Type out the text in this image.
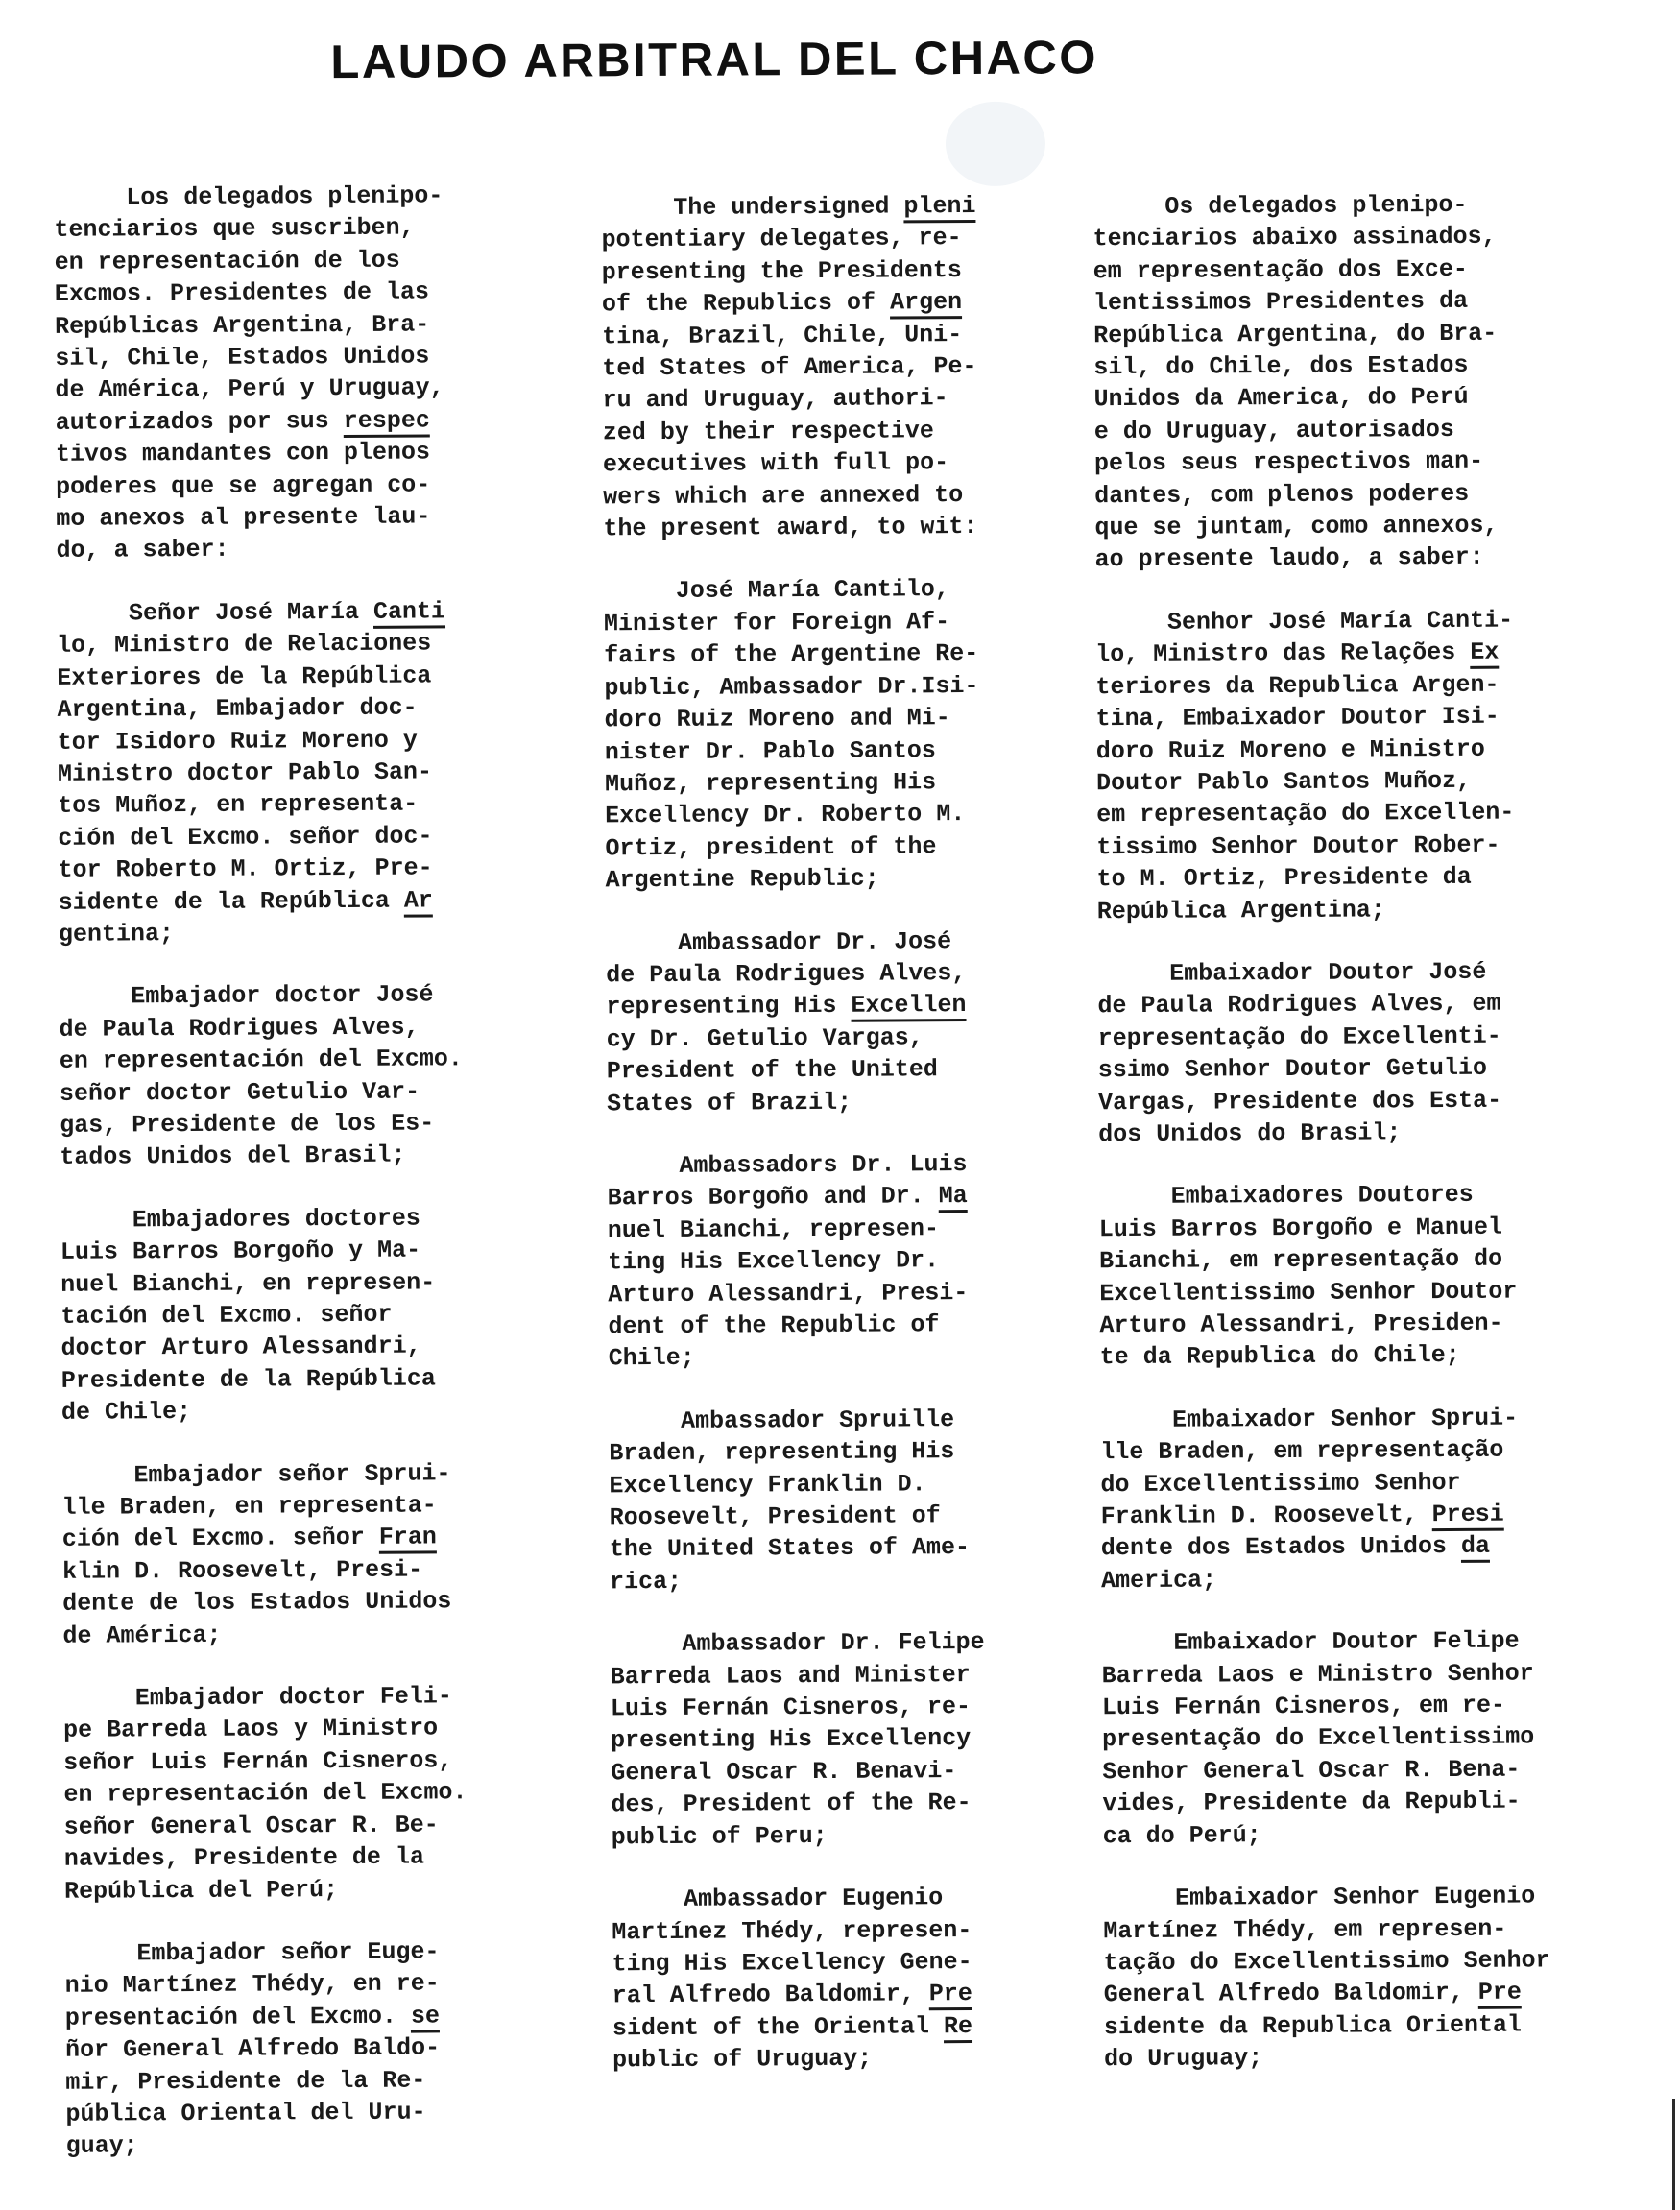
LAUDO ARBITRAL DEL CHACO
Los delegados plenipo-
tenciarios que suscriben,
en representación de los
Excmos. Presidentes de las
Repúblicas Argentina, Bra-
sil, Chile, Estados Unidos
de América, Perú y Uruguay,
autorizados por sus respec
tivos mandantes con plenos
poderes que se agregan co-
mo anexos al presente lau-
do, a saber:
Señor José María Canti
lo, Ministro de Relaciones
Exteriores de la República
Argentina, Embajador doc-
tor Isidoro Ruiz Moreno y
Ministro doctor Pablo San-
tos Muñoz, en representa-
ción del Excmo. señor doc-
tor Roberto M. Ortiz, Pre-
sidente de la República Ar
gentina;
Embajador doctor José
de Paula Rodrigues Alves,
en representación del Excmo.
señor doctor Getulio Var-
gas, Presidente de los Es-
tados Unidos del Brasil;
Embajadores doctores
Luis Barros Borgoño y Ma-
nuel Bianchi, en represen-
tación del Excmo. señor
doctor Arturo Alessandri,
Presidente de la República
de Chile;
Embajador señor Sprui-
lle Braden, en representa-
ción del Excmo. señor Fran
klin D. Roosevelt, Presi-
dente de los Estados Unidos
de América;
Embajador doctor Feli-
pe Barreda Laos y Ministro
señor Luis Fernán Cisneros,
en representación del Excmo.
señor General Oscar R. Be-
navides, Presidente de la
República del Perú;
Embajador señor Euge-
nio Martínez Thédy, en re-
presentación del Excmo. se
ñor General Alfredo Baldo-
mir, Presidente de la Re-
pública Oriental del Uru-
guay;
The undersigned pleni
potentiary delegates, re-
presenting the Presidents
of the Republics of Argen
tina, Brazil, Chile, Uni-
ted States of America, Pe-
ru and Uruguay, authori-
zed by their respective
executives with full po-
wers which are annexed to
the present award, to wit:
José María Cantilo,
Minister for Foreign Af-
fairs of the Argentine Re-
public, Ambassador Dr.Isi-
doro Ruiz Moreno and Mi-
nister Dr. Pablo Santos
Muñoz, representing His
Excellency Dr. Roberto M.
Ortiz, president of the
Argentine Republic;
Ambassador Dr. José
de Paula Rodrigues Alves,
representing His Excellen
cy Dr. Getulio Vargas,
President of the United
States of Brazil;
Ambassadors Dr. Luis
Barros Borgoño and Dr. Ma
nuel Bianchi, represen-
ting His Excellency Dr.
Arturo Alessandri, Presi-
dent of the Republic of
Chile;
Ambassador Spruille
Braden, representing His
Excellency Franklin D.
Roosevelt, President of
the United States of Ame-
rica;
Ambassador Dr. Felipe
Barreda Laos and Minister
Luis Fernán Cisneros, re-
presenting His Excellency
General Oscar R. Benavi-
des, President of the Re-
public of Peru;
Ambassador Eugenio
Martínez Thédy, represen-
ting His Excellency Gene-
ral Alfredo Baldomir, Pre
sident of the Oriental Re
public of Uruguay;
Os delegados plenipo-
tenciarios abaixo assinados,
em representação dos Exce-
lentissimos Presidentes da
República Argentina, do Bra-
sil, do Chile, dos Estados
Unidos da America, do Perú
e do Uruguay, autorisados
pelos seus respectivos man-
dantes, com plenos poderes
que se juntam, como annexos,
ao presente laudo, a saber:
Senhor José María Canti-
lo, Ministro das Relações Ex
teriores da Republica Argen-
tina, Embaixador Doutor Isi-
doro Ruiz Moreno e Ministro
Doutor Pablo Santos Muñoz,
em representação do Excellen-
tissimo Senhor Doutor Rober-
to M. Ortiz, Presidente da
República Argentina;
Embaixador Doutor José
de Paula Rodrigues Alves, em
representação do Excellenti-
ssimo Senhor Doutor Getulio
Vargas, Presidente dos Esta-
dos Unidos do Brasil;
Embaixadores Doutores
Luis Barros Borgoño e Manuel
Bianchi, em representação do
Excellentissimo Senhor Doutor
Arturo Alessandri, Presiden-
te da Republica do Chile;
Embaixador Senhor Sprui-
lle Braden, em representação
do Excellentissimo Senhor
Franklin D. Roosevelt, Presi
dente dos Estados Unidos da
America;
Embaixador Doutor Felipe
Barreda Laos e Ministro Senhor
Luis Fernán Cisneros, em re-
presentação do Excellentissimo
Senhor General Oscar R. Bena-
vides, Presidente da Republi-
ca do Perú;
Embaixador Senhor Eugenio
Martínez Thédy, em represen-
tação do Excellentissimo Senhor
General Alfredo Baldomir, Pre
sidente da Republica Oriental
do Uruguay;
